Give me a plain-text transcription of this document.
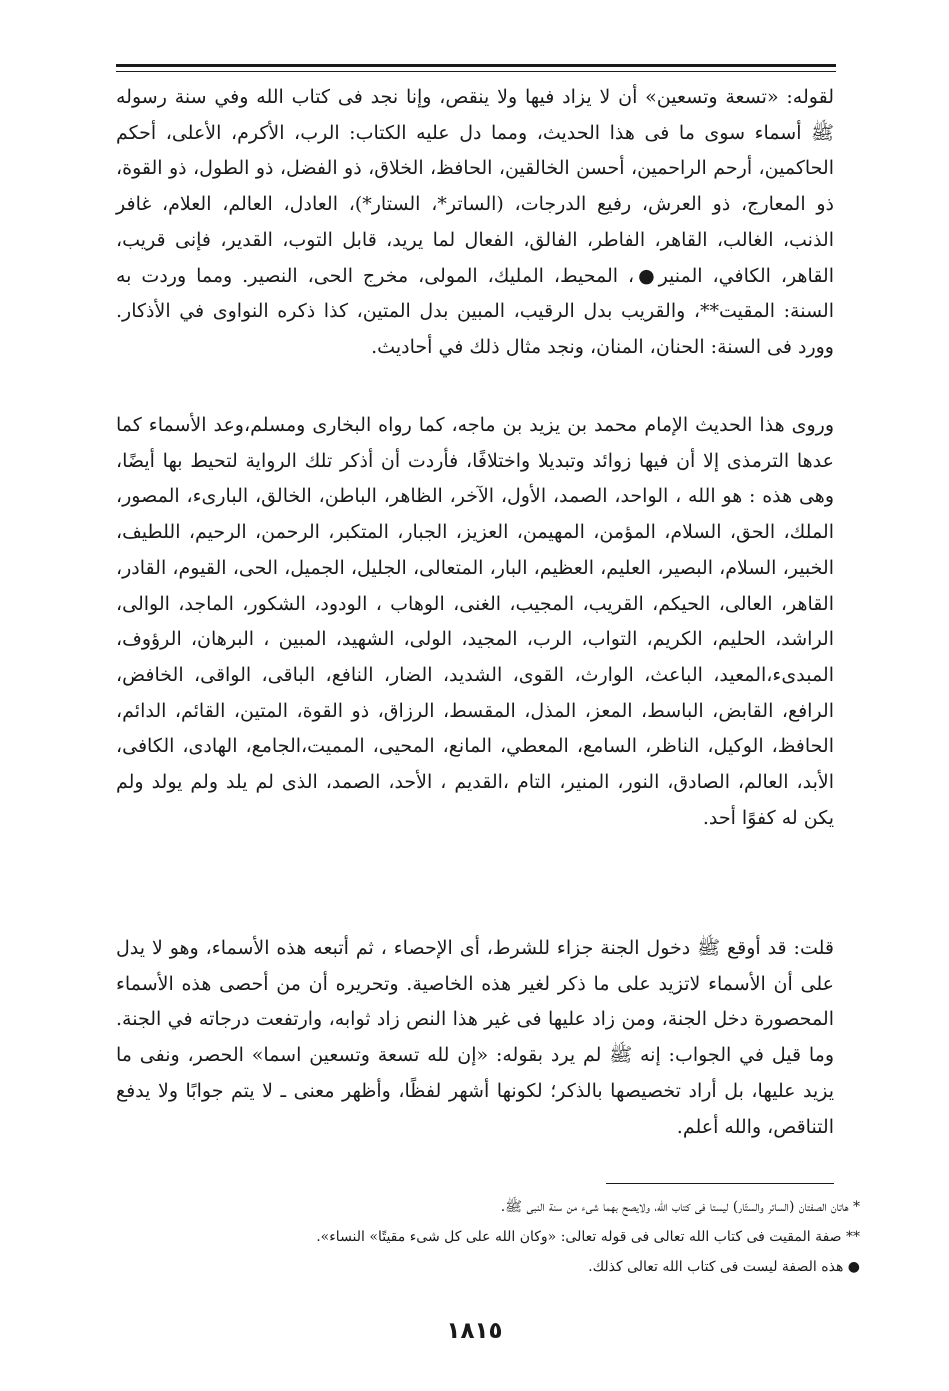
لقوله: «تسعة وتسعين» أن لا يزاد فيها ولا ينقص، وإنا نجد فى كتاب الله وفي سنة رسوله ﷺ أسماء سوى ما فى هذا الحديث، ومما دل عليه الكتاب: الرب، الأكرم، الأعلى، أحكم الحاكمين، أرحم الراحمين، أحسن الخالقين، الحافظ، الخلاق، ذو الفضل، ذو الطول، ذو القوة، ذو المعارج، ذو العرش، رفيع الدرجات، (الساتر*، الستار*)، العادل، العالم، العلام، غافر الذنب، الغالب، القاهر، الفاطر، الفالق، الفعال لما يريد، قابل التوب، القدير، فإنى قريب، القاهر، الكافي، المنير●، المحيط، المليك، المولى، مخرج الحى، النصير. ومما وردت به السنة: المقيت**، والقريب بدل الرقيب، المبين بدل المتين، كذا ذكره النواوى في الأذكار. وورد فى السنة: الحنان، المنان، ونجد مثال ذلك في أحاديث.

وروى هذا الحديث الإمام محمد بن يزيد بن ماجه، كما رواه البخارى ومسلم،وعد الأسماء كما عدها الترمذى إلا أن فيها زوائد وتبديلا واختلافًا، فأردت أن أذكر تلك الرواية لتحيط بها أيضًا، وهى هذه : هو الله ، الواحد، الصمد، الأول، الآخر، الظاهر، الباطن، الخالق، البارىء، المصور، الملك، الحق، السلام، المؤمن، المهيمن، العزيز، الجبار، المتكبر، الرحمن، الرحيم، اللطيف، الخبير، السلام، البصير، العليم، العظيم، البار، المتعالى، الجليل، الجميل، الحى، القيوم، القادر، القاهر، العالى، الحيكم، القريب، المجيب، الغنى، الوهاب ، الودود، الشكور، الماجد، الوالى، الراشد، الحليم، الكريم، التواب، الرب، المجيد، الولى، الشهيد، المبين ، البرهان، الرؤوف، المبدىء،المعيد، الباعث، الوارث، القوى، الشديد، الضار، النافع، الباقى، الواقى، الخافض، الرافع، القابض، الباسط، المعز، المذل، المقسط، الرزاق، ذو القوة، المتين، القائم، الدائم، الحافظ، الوكيل، الناظر، السامع، المعطي، المانع، المحيى، المميت،الجامع، الهادى، الكافى، الأبد، العالم، الصادق، النور، المنير، التام ،القديم ، الأحد، الصمد، الذى لم يلد ولم يولد ولم يكن له كفوًا أحد.

قلت: قد أوقع ﷺ دخول الجنة جزاء للشرط، أى الإحصاء ، ثم أتبعه هذه الأسماء، وهو لا يدل على أن الأسماء لاتزيد على ما ذكر لغير هذه الخاصية. وتحريره أن من أحصى هذه الأسماء المحصورة دخل الجنة، ومن زاد عليها فى غير هذا النص زاد ثوابه، وارتفعت درجاته في الجنة. وما قيل في الجواب: إنه ﷺ لم يرد بقوله: «إن لله تسعة وتسعين اسما» الحصر، ونفى ما يزيد عليها، بل أراد تخصيصها بالذكر؛ لكونها أشهر لفظًا، وأظهر معنى ـ لا يتم جوابًا ولا يدفع التناقص، والله أعلم.

* هاتان الصفتان (الساتر والستّار) ليستا فى كتاب الله، ولايصح بهما شىء من سنة النبى ﷺ.
** صفة المقيت فى كتاب الله تعالى فى قوله تعالى: «وكان الله على كل شىء مقيتًا» النساء».
● هذه الصفة ليست فى كتاب الله تعالى كذلك.
١٨١٥
